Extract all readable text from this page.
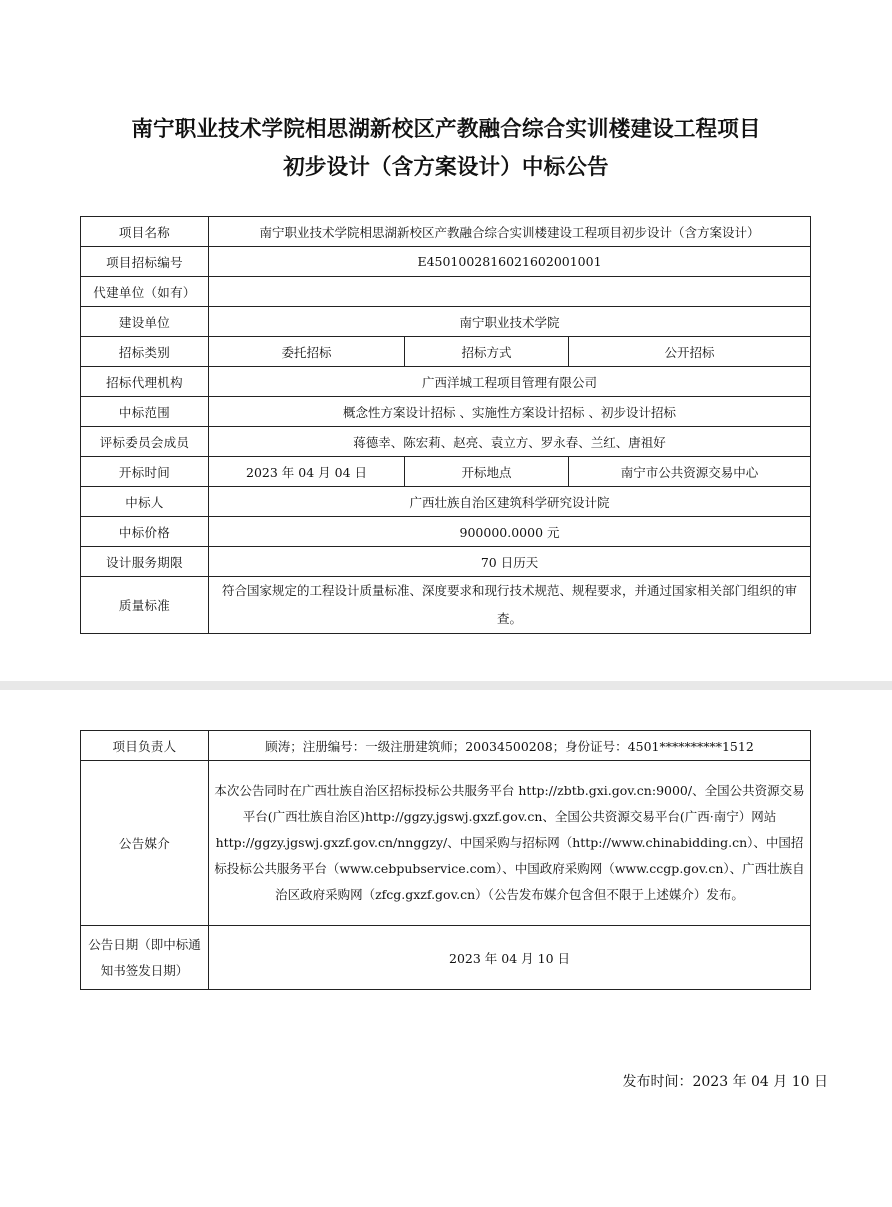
南宁职业技术学院相思湖新校区产教融合综合实训楼建设工程项目
初步设计（含方案设计）中标公告
项目名称	南宁职业技术学院相思湖新校区产教融合综合实训楼建设工程项目初步设计（含方案设计）		
项目招标编号	E4501002816021602001001		
代建单位（如有）			
建设单位	南宁职业技术学院		
招标类别	委托招标	招标方式	公开招标
招标代理机构	广西洋城工程项目管理有限公司		
中标范围	概念性方案设计招标 、实施性方案设计招标 、初步设计招标		
评标委员会成员	蒋德幸、陈宏莉、赵亮、袁立方、罗永春、兰红、唐祖好		
开标时间	2023 年 04 月 04 日	开标地点	南宁市公共资源交易中心
中标人	广西壮族自治区建筑科学研究设计院		
中标价格	900000.0000 元		
设计服务期限	70 日历天		
质量标准	符合国家规定的工程设计质量标准、深度要求和现行技术规范、规程要求，并通过国家相关部门组织的审查。		
项目负责人	顾涛；注册编号：一级注册建筑师；20034500208；身份证号：4501**********1512
公告媒介	本次公告同时在广西壮族自治区招标投标公共服务平台 http://zbtb.gxi.gov.cn:9000/、全国公共资源交易平台(广西壮族自治区)http://ggzy.jgswj.gxzf.gov.cn、全国公共资源交易平台(广西·南宁）网站 http://ggzy.jgswj.gxzf.gov.cn/nnggzy/、中国采购与招标网（http://www.chinabidding.cn）、中国招标投标公共服务平台（www.cebpubservice.com）、中国政府采购网（www.ccgp.gov.cn）、广西壮族自治区政府采购网（zfcg.gxzf.gov.cn）（公告发布媒介包含但不限于上述媒介）发布。
公告日期（即中标通知书签发日期）	2023 年 04 月 10 日
发布时间：2023 年 04 月 10 日
